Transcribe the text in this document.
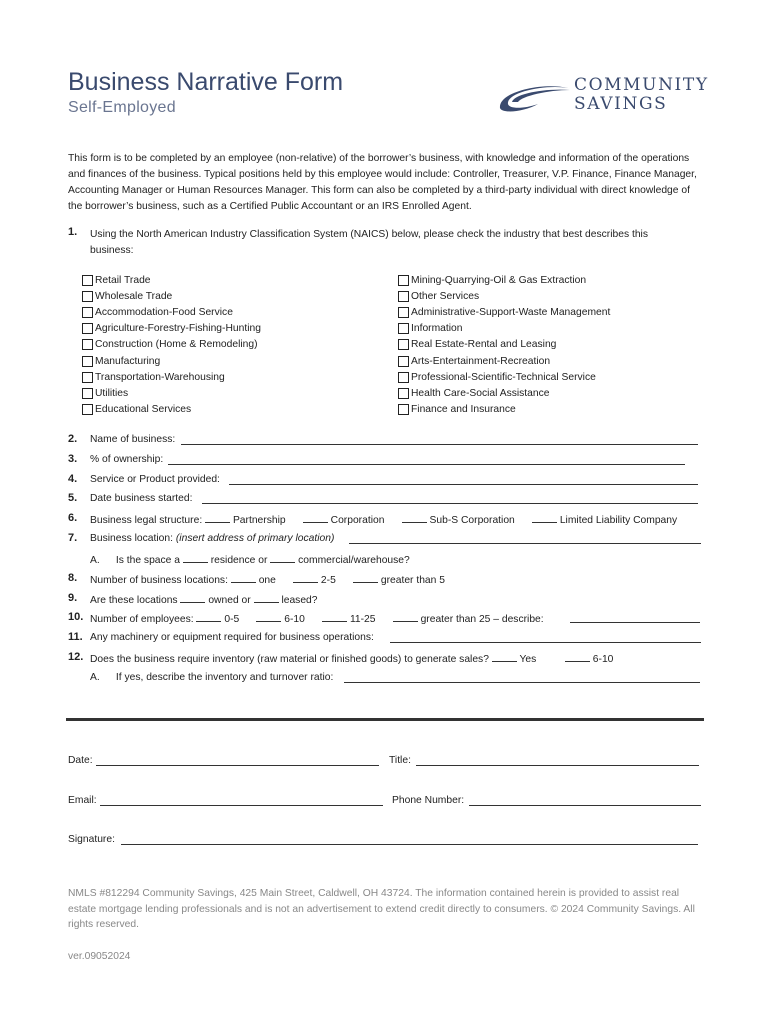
Business Narrative Form
Self-Employed
COMMUNITY
SAVINGS

This form is to be completed by an employee (non-relative) of the borrower’s business, with knowledge and information of the operations and finances of the business. Typical positions held by this employee would include: Controller, Treasurer, V.P. Finance, Finance Manager, Accounting Manager or Human Resources Manager. This form can also be completed by a third-party individual with direct knowledge of the borrower’s business, such as a Certified Public Accountant or an IRS Enrolled Agent.

1. Using the North American Industry Classification System (NAICS) below, please check the industry that best describes this business:
Retail Trade
Wholesale Trade
Accommodation-Food Service
Agriculture-Forestry-Fishing-Hunting
Construction (Home & Remodeling)
Manufacturing
Transportation-Warehousing
Utilities
Educational Services
Mining-Quarrying-Oil & Gas Extraction
Other Services
Administrative-Support-Waste Management
Information
Real Estate-Rental and Leasing
Arts-Entertainment-Recreation
Professional-Scientific-Technical Service
Health Care-Social Assistance
Finance and Insurance
2. Name of business:
3. % of ownership:
4. Service or Product provided:
5. Date business started:
6. Business legal structure:	Partnership	Corporation	Sub-S Corporation	Limited Liability Company
7. Business location: (insert address of primary location)
A. Is the space a	residence or	commercial/warehouse?
8. Number of business locations:	one	2-5	greater than 5
9. Are these locations	owned or	leased?
10. Number of employees:	0-5	6-10	11-25	greater than 25 – describe:
11. Any machinery or equipment required for business operations:
12. Does the business require inventory (raw material or finished goods) to generate sales?	Yes	6-10
A. If yes, describe the inventory and turnover ratio:
Date:	Title:
Email:	Phone Number:
Signature:
NMLS #812294 Community Savings, 425 Main Street, Caldwell, OH 43724. The information contained herein is provided to assist real estate mortgage lending professionals and is not an advertisement to extend credit directly to consumers. © 2024 Community Savings. All rights reserved.
ver.09052024
